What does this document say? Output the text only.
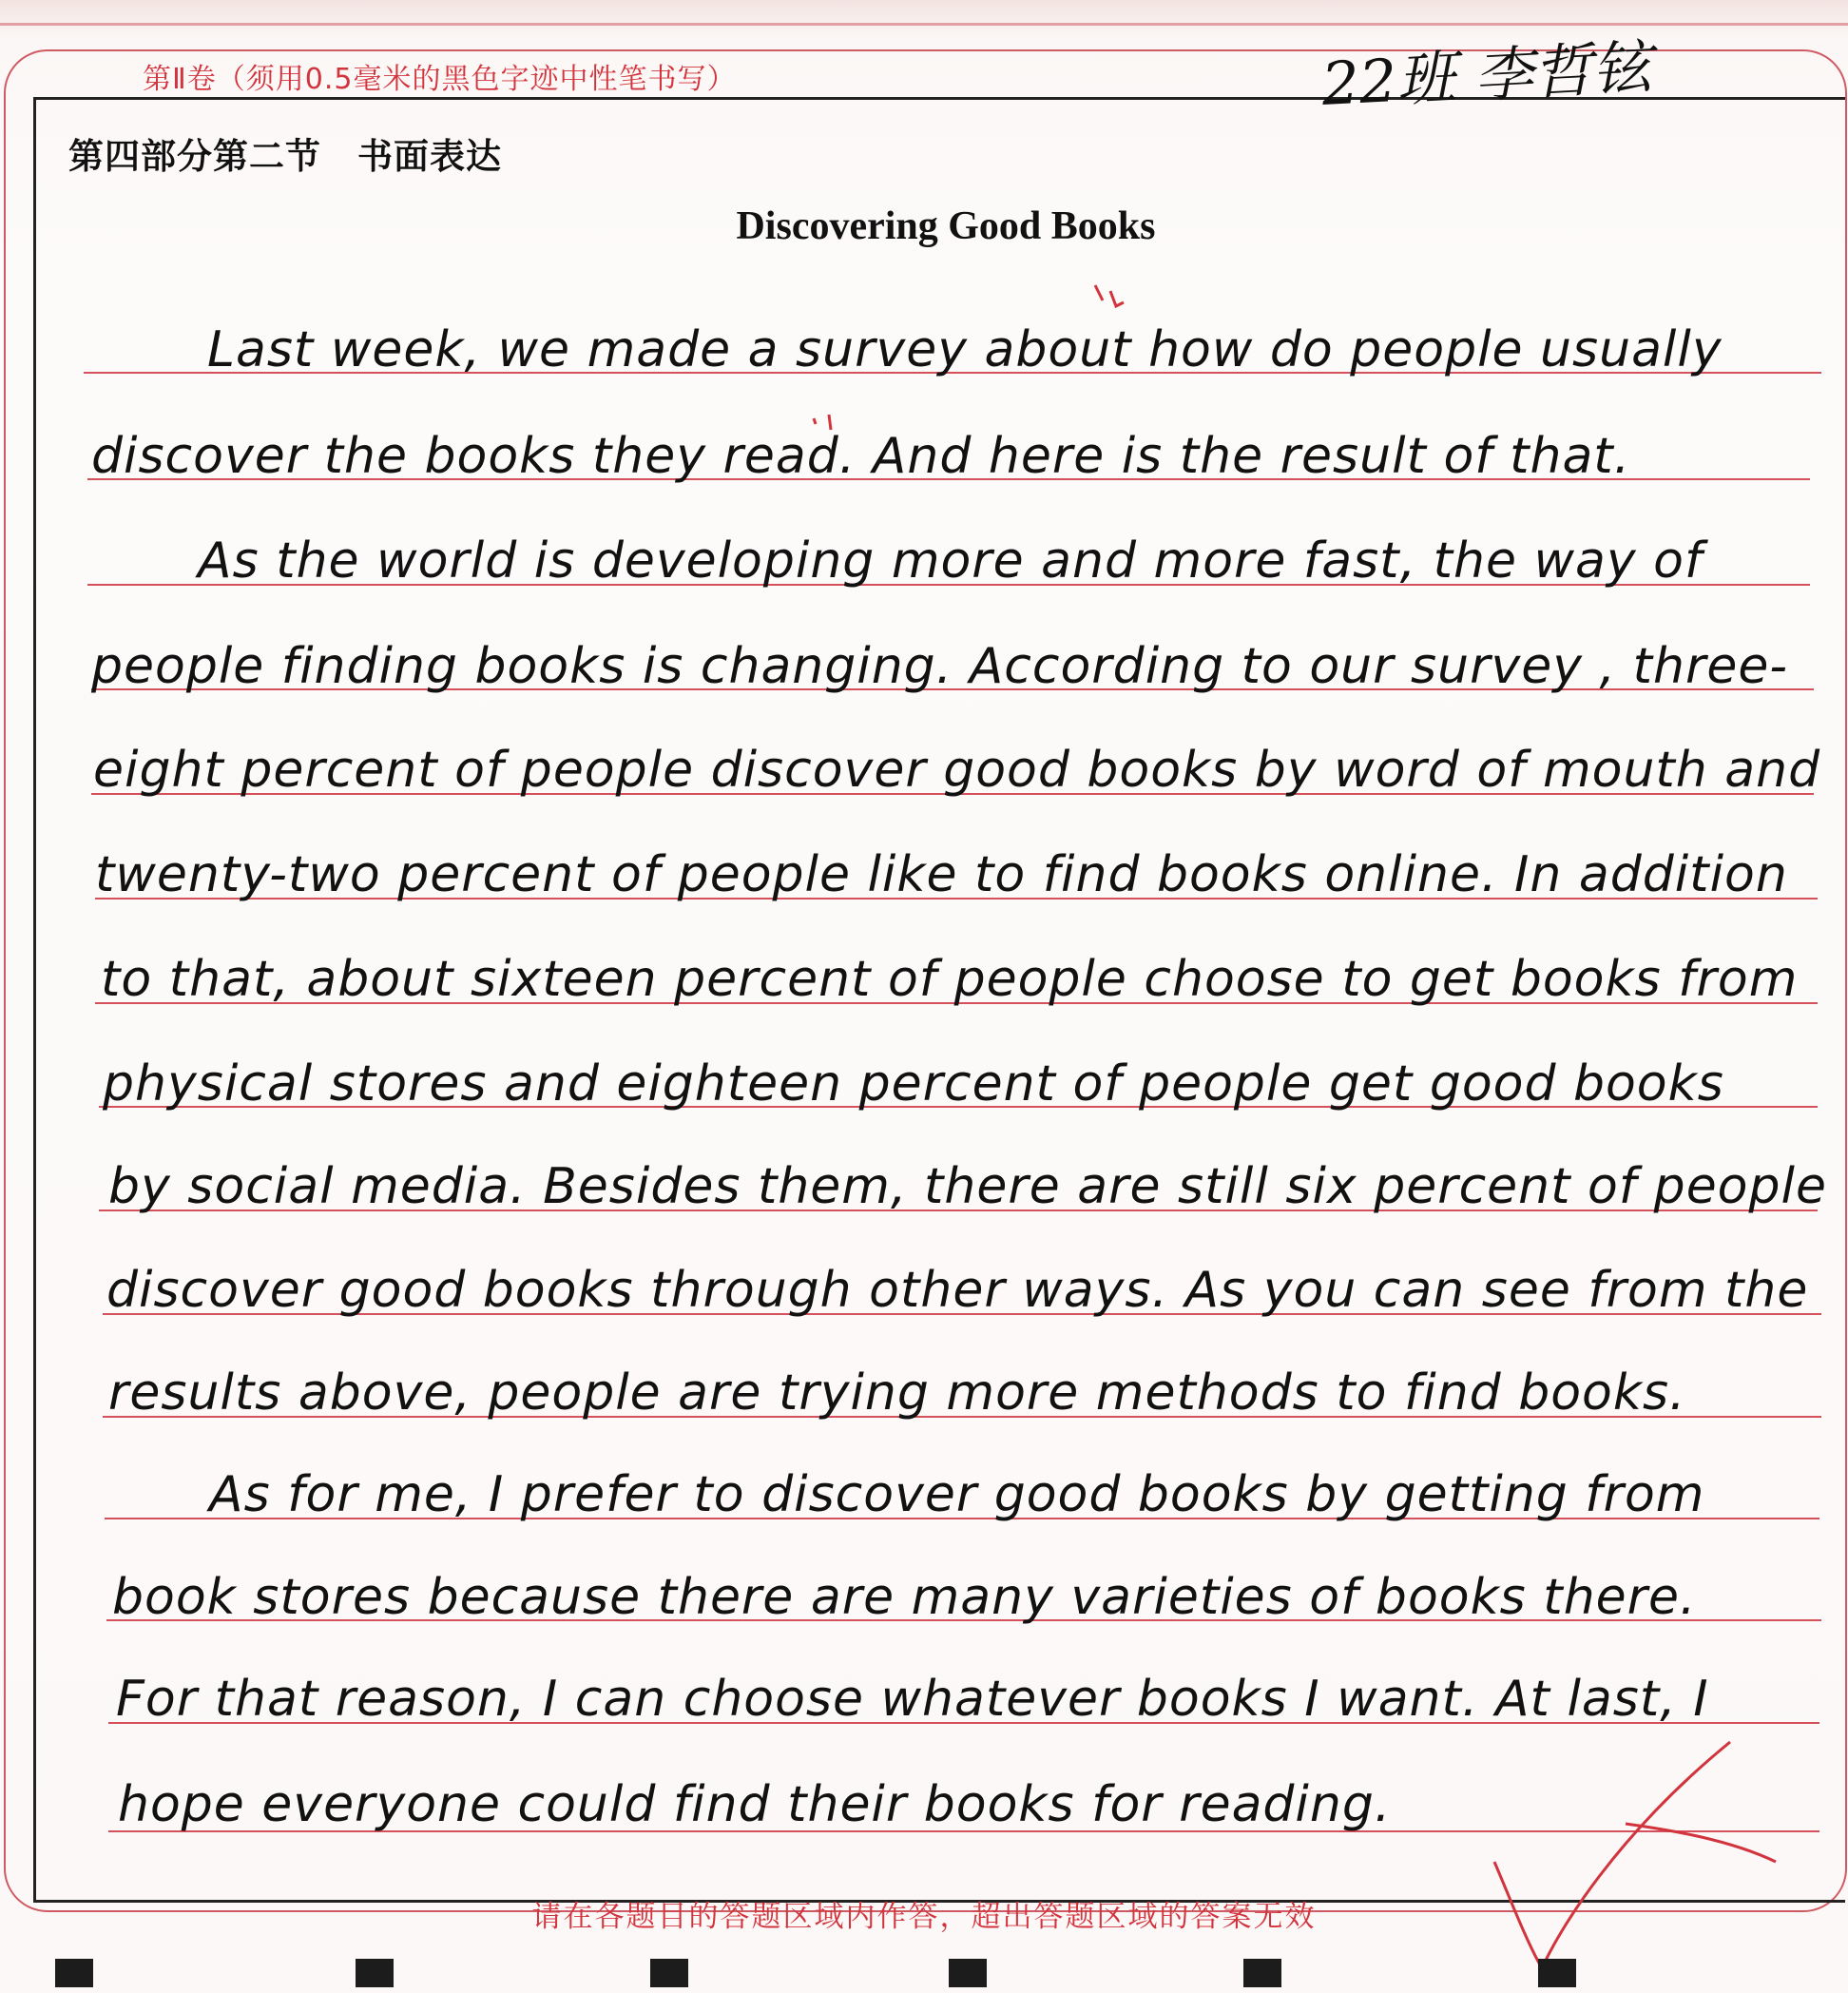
第Ⅱ卷（须用0.5毫米的黑色字迹中性笔书写）	22班 李哲铉
第四部分第二节　书面表达
Discovering Good Books
Last week, we made a survey about how do people usually
discover the books they read. And here is the result of that.
As the world is developing more and more fast, the way of
people finding books is changing. According to our survey , three-
eight percent of people discover good books by word of mouth and
twenty-two percent of people like to find books online. In addition
to that, about sixteen percent of people choose to get books from
physical stores and eighteen percent of people get good books
by social media. Besides them, there are still six percent of people
discover good books through other ways. As you can see from the
results above, people are trying more methods to find books.
As for me, I prefer to discover good books by getting from
book stores because there are many varieties of books there.
For that reason, I can choose whatever books I want. At last, I
hope everyone could find their books for reading.
请在各题目的答题区域内作答，超出答题区域的答案无效
